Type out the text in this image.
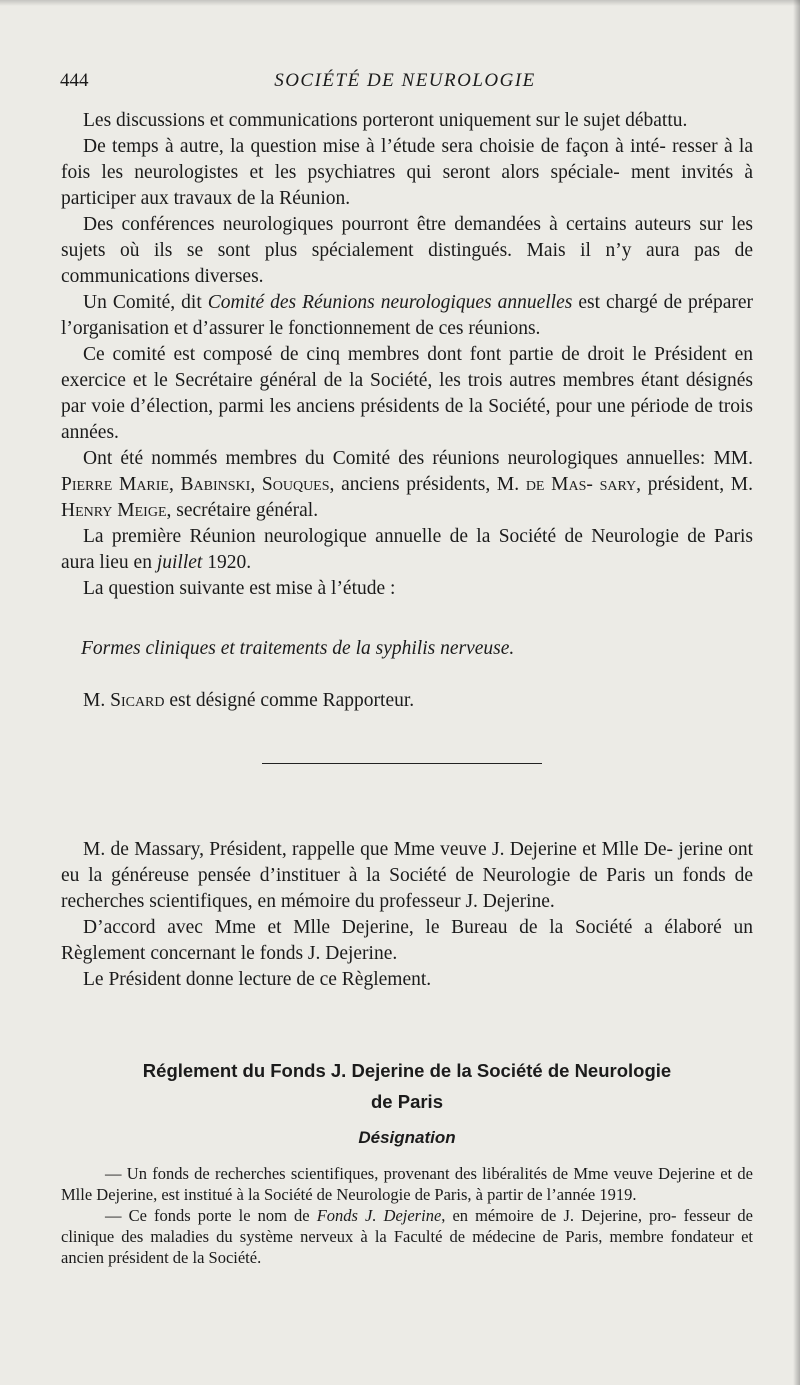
444	SOCIÉTÉ DE NEUROLOGIE

Les discussions et communications porteront uniquement sur le sujet débattu.

De temps à autre, la question mise à l’étude sera choisie de façon à inté- resser à la fois les neurologistes et les psychiatres qui seront alors spéciale- ment invités à participer aux travaux de la Réunion.

Des conférences neurologiques pourront être demandées à certains auteurs sur les sujets où ils se sont plus spécialement distingués. Mais il n’y aura pas de communications diverses.

Un Comité, dit Comité des Réunions neurologiques annuelles est chargé de préparer l’organisation et d’assurer le fonctionnement de ces réunions.

Ce comité est composé de cinq membres dont font partie de droit le Président en exercice et le Secrétaire général de la Société, les trois autres membres étant désignés par voie d’élection, parmi les anciens présidents de la Société, pour une période de trois années.

Ont été nommés membres du Comité des réunions neurologiques annuelles: MM. Pierre Marie, Babinski, Souques, anciens présidents, M. de Mas- sary, président, M. Henry Meige, secrétaire général.

La première Réunion neurologique annuelle de la Société de Neurologie de Paris aura lieu en juillet 1920.

La question suivante est mise à l’étude :

Formes cliniques et traitements de la syphilis nerveuse.

M. Sicard est désigné comme Rapporteur.

M. de Massary, Président, rappelle que Mme veuve J. Dejerine et Mlle De- jerine ont eu la généreuse pensée d’instituer à la Société de Neurologie de Paris un fonds de recherches scientifiques, en mémoire du professeur J. Dejerine.

D’accord avec Mme et Mlle Dejerine, le Bureau de la Société a élaboré un Règlement concernant le fonds J. Dejerine.

Le Président donne lecture de ce Règlement.

Réglement du Fonds J. Dejerine de la Société de Neurologie
de Paris
Désignation

— Un fonds de recherches scientifiques, provenant des libéralités de Mme veuve Dejerine et de Mlle Dejerine, est institué à la Société de Neurologie de Paris, à partir de l’année 1919.

— Ce fonds porte le nom de Fonds J. Dejerine, en mémoire de J. Dejerine, pro- fesseur de clinique des maladies du système nerveux à la Faculté de médecine de Paris, membre fondateur et ancien président de la Société.
